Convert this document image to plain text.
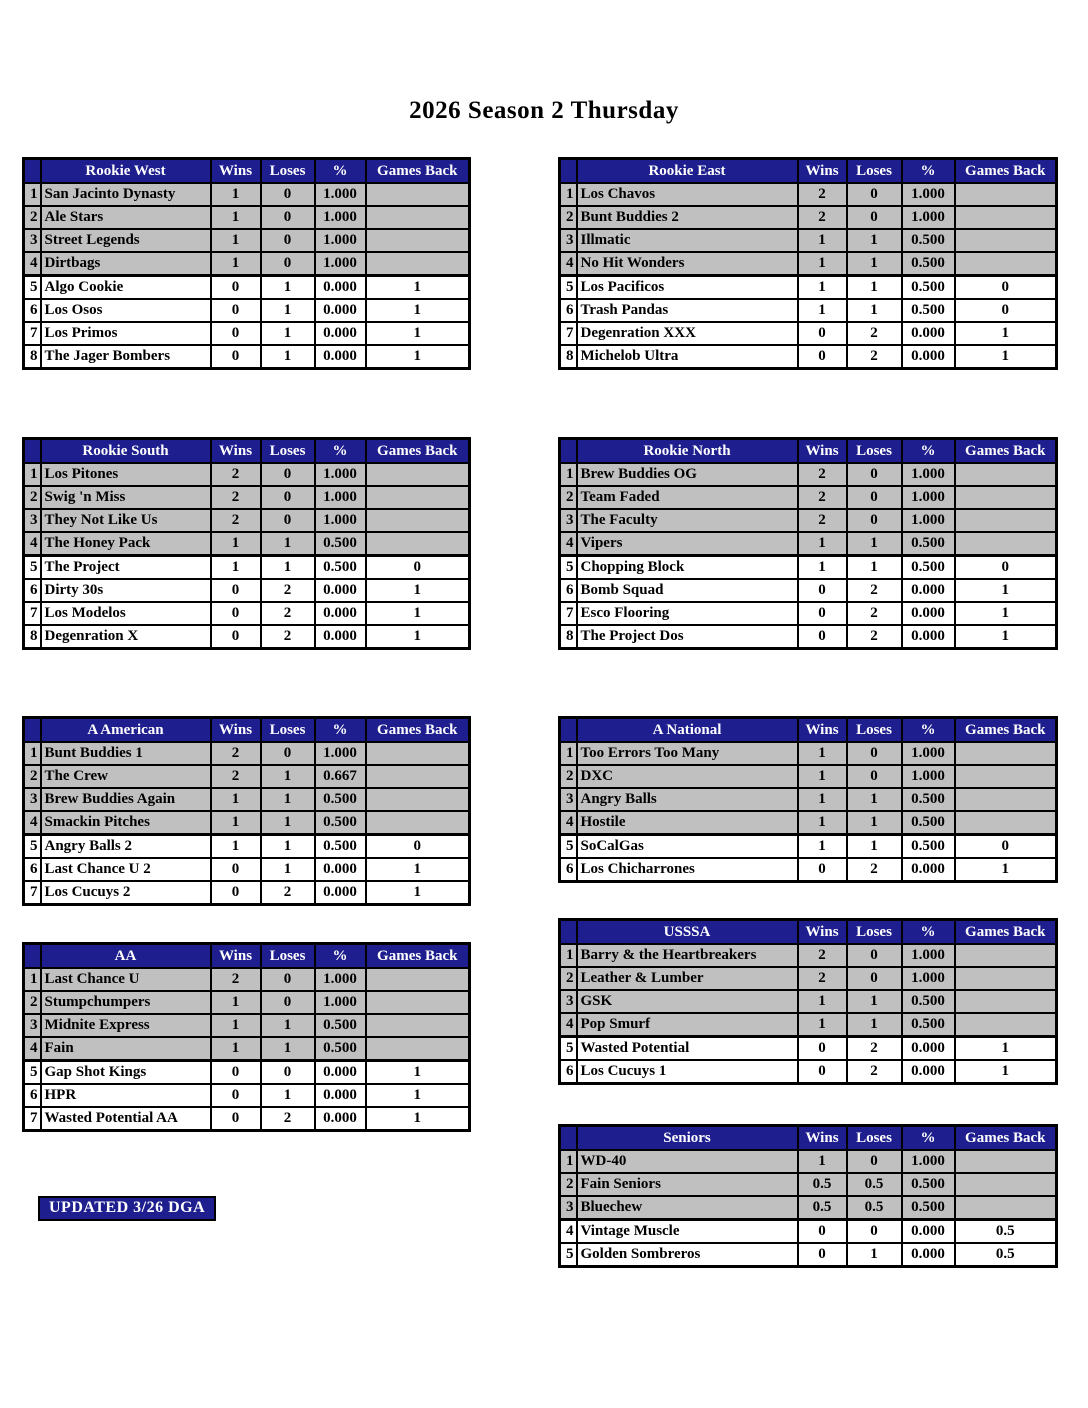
2026 Season 2 Thursday
	Rookie West	Wins	Loses	%	Games Back
1	San Jacinto Dynasty	1	0	1.000	
2	Ale Stars	1	0	1.000	
3	Street Legends	1	0	1.000	
4	Dirtbags	1	0	1.000	
5	Algo Cookie	0	1	0.000	1
6	Los Osos	0	1	0.000	1
7	Los Primos	0	1	0.000	1
8	The Jager Bombers	0	1	0.000	1
	Rookie East	Wins	Loses	%	Games Back
1	Los Chavos	2	0	1.000	
2	Bunt Buddies 2	2	0	1.000	
3	Illmatic	1	1	0.500	
4	No Hit Wonders	1	1	0.500	
5	Los Pacificos	1	1	0.500	0
6	Trash Pandas	1	1	0.500	0
7	Degenration XXX	0	2	0.000	1
8	Michelob Ultra	0	2	0.000	1
	Rookie South	Wins	Loses	%	Games Back
1	Los Pitones	2	0	1.000	
2	Swig 'n Miss	2	0	1.000	
3	They Not Like Us	2	0	1.000	
4	The Honey Pack	1	1	0.500	
5	The Project	1	1	0.500	0
6	Dirty 30s	0	2	0.000	1
7	Los Modelos	0	2	0.000	1
8	Degenration X	0	2	0.000	1
	Rookie North	Wins	Loses	%	Games Back
1	Brew Buddies OG	2	0	1.000	
2	Team Faded	2	0	1.000	
3	The Faculty	2	0	1.000	
4	Vipers	1	1	0.500	
5	Chopping Block	1	1	0.500	0
6	Bomb Squad	0	2	0.000	1
7	Esco Flooring	0	2	0.000	1
8	The Project Dos	0	2	0.000	1
	A American	Wins	Loses	%	Games Back
1	Bunt Buddies 1	2	0	1.000	
2	The Crew	2	1	0.667	
3	Brew Buddies Again	1	1	0.500	
4	Smackin Pitches	1	1	0.500	
5	Angry Balls 2	1	1	0.500	0
6	Last Chance U 2	0	1	0.000	1
7	Los Cucuys 2	0	2	0.000	1
	A National	Wins	Loses	%	Games Back
1	Too Errors Too Many	1	0	1.000	
2	DXC	1	0	1.000	
3	Angry Balls	1	1	0.500	
4	Hostile	1	1	0.500	
5	SoCalGas	1	1	0.500	0
6	Los Chicharrones	0	2	0.000	1
	AA	Wins	Loses	%	Games Back
1	Last Chance U	2	0	1.000	
2	Stumpchumpers	1	0	1.000	
3	Midnite Express	1	1	0.500	
4	Fain	1	1	0.500	
5	Gap Shot Kings	0	0	0.000	1
6	HPR	0	1	0.000	1
7	Wasted Potential AA	0	2	0.000	1
	USSSA	Wins	Loses	%	Games Back
1	Barry & the Heartbreakers	2	0	1.000	
2	Leather & Lumber	2	0	1.000	
3	GSK	1	1	0.500	
4	Pop Smurf	1	1	0.500	
5	Wasted Potential	0	2	0.000	1
6	Los Cucuys 1	0	2	0.000	1
	Seniors	Wins	Loses	%	Games Back
1	WD-40	1	0	1.000	
2	Fain Seniors	0.5	0.5	0.500	
3	Bluechew	0.5	0.5	0.500	
4	Vintage Muscle	0	0	0.000	0.5
5	Golden Sombreros	0	1	0.000	0.5
UPDATED 3/26 DGA
